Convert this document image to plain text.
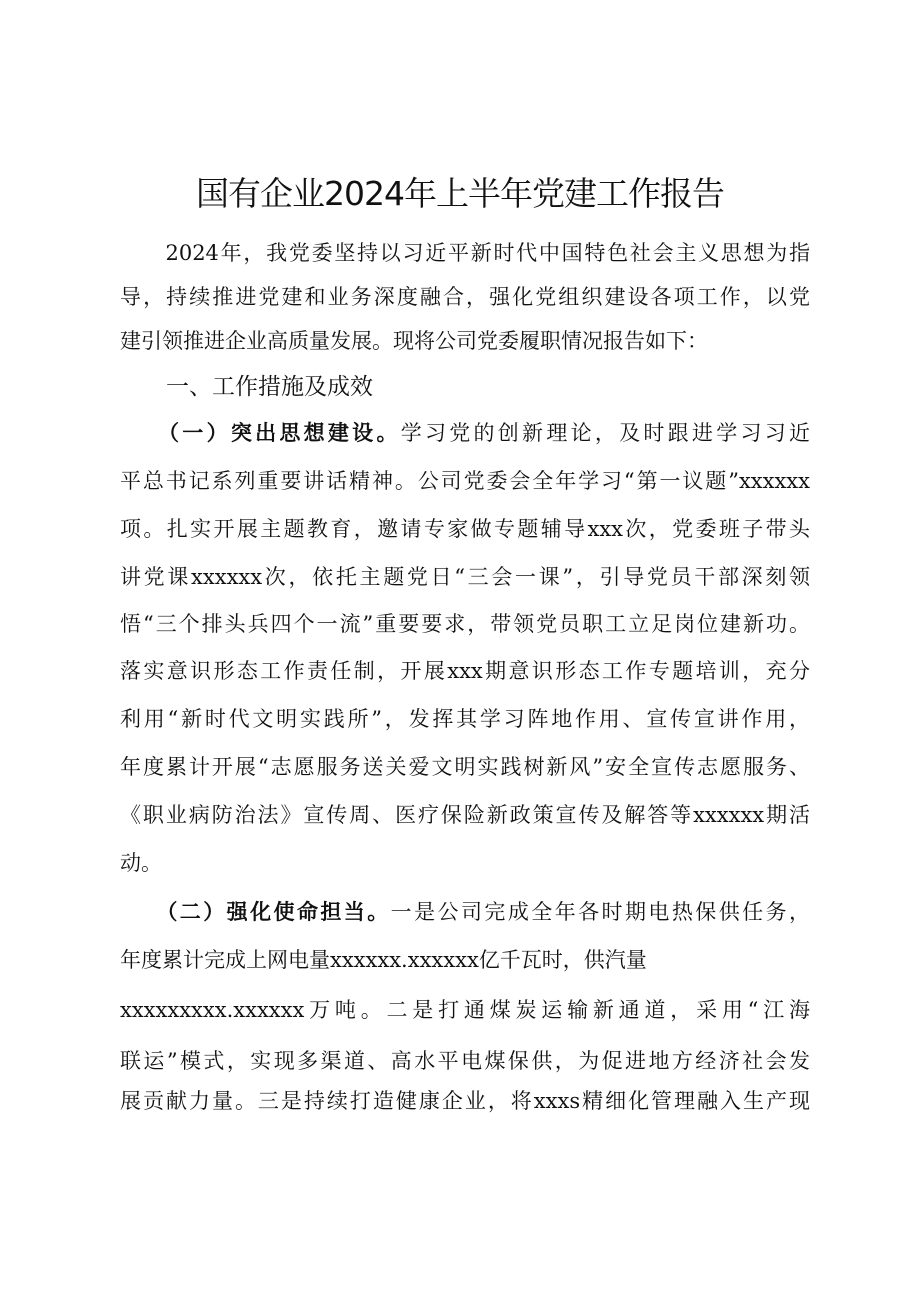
国有企业2024年上半年党建工作报告
　　2024年，我党委坚持以习近平新时代中国特色社会主义思想为指
导，持续推进党建和业务深度融合，强化党组织建设各项工作，以党
建引领推进企业高质量发展。现将公司党委履职情况报告如下：
一、工作措施及成效
　　（一）突出思想建设。学习党的创新理论，及时跟进学习习近
平总书记系列重要讲话精神。公司党委会全年学习“第一议题”xxxxxx
项。扎实开展主题教育，邀请专家做专题辅导xxx次，党委班子带头
讲党课xxxxxx次，依托主题党日“三会一课”，引导党员干部深刻领
悟“三个排头兵四个一流”重要要求，带领党员职工立足岗位建新功。
落实意识形态工作责任制，开展xxx期意识形态工作专题培训，充分
利用“新时代文明实践所”，发挥其学习阵地作用、宣传宣讲作用，
年度累计开展“志愿服务送关爱文明实践树新风”安全宣传志愿服务、
《职业病防治法》宣传周、医疗保险新政策宣传及解答等xxxxxx期活
动。
　　（二）强化使命担当。一是公司完成全年各时期电热保供任务，
年度累计完成上网电量xxxxxx.xxxxxx亿千瓦时，供汽量
xxxxxxxxx.xxxxxx万吨。二是打通煤炭运输新通道，采用“江海
联运”模式，实现多渠道、高水平电煤保供，为促进地方经济社会发
展贡献力量。三是持续打造健康企业，将xxxs精细化管理融入生产现
